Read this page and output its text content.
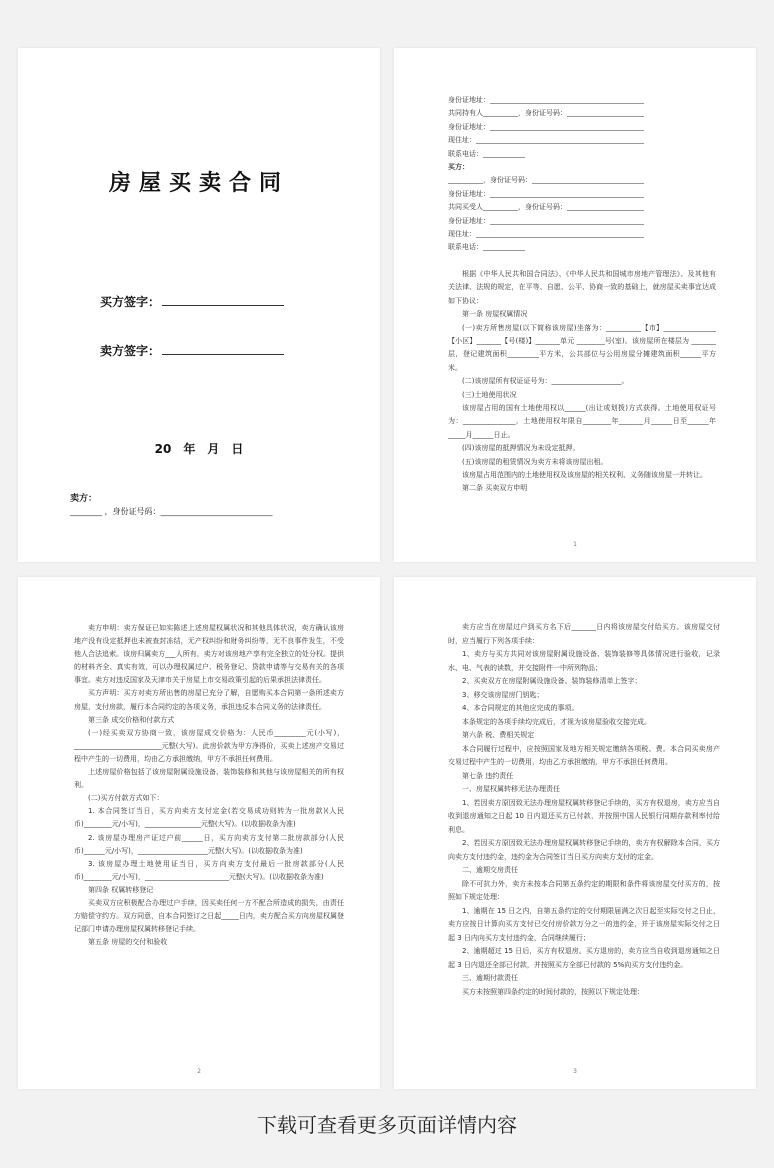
房屋买卖合同
买方签字：
卖方签字：
20　年　月　日
卖方：
________ ，身份证号码：____________________________

身份证地址：____________________________________________

共同持有人__________，身份证号码：______________________

身份证地址：____________________________________________

现住址：________________________________________________

联系电话：____________

买方：

__________，身份证号码：________________________________

身份证地址：____________________________________________

共同买受人__________，身份证号码：______________________

身份证地址：____________________________________________

现住址：________________________________________________

联系电话：____________

根据《中华人民共和国合同法》、《中华人民共和国城市房地产管理法》、及其他有关法律、法规的规定，在平等、自愿、公平、协商一致的基础上，就房屋买卖事宜达成如下协议：

第一条 房屋权属情况

(一)卖方所售房屋(以下简称该房屋)坐落为：__________【市】_______________【小区】_______【号(楼)】_______单元 ________号(室)。该房屋所在楼层为 _______层，登记建筑面积_________平方米，公共部位与公用房屋分摊建筑面积______平方米。

(二)该房屋所有权证证号为：____________________。

(三)土地使用状况

该房屋占用的国有土地使用权以______(出让或划拨)方式获得。土地使用权证号为：_______________，土地使用权年限自________年_______月______日至______年_____月______日止。

(四)该房屋的抵押情况为未设定抵押。

(五)该房屋的租赁情况为卖方未将该房屋出租。

该房屋占用范围内的土地使用权及该房屋的相关权利、义务随该房屋一并转让。

第二条 买卖双方申明

1

卖方申明：卖方保证已如实陈述上述房屋权属状况和其他具体状况，卖方确认该房地产没有设定抵押也未被查封冻结，无产权纠纷和财务纠纷等，无不良事件发生，不受他人合法追索。该房归属卖方___人所有，卖方对该房地产享有完全独立的处分权。提供的材料齐全、真实有效，可以办理权属过户、税务登记、贷款申请等与交易有关的各项事宜。卖方对违反国家及天津市关于房屋上市交易政策引起的后果承担法律责任。

买方声明：买方对卖方所出售的房屋已充分了解，自愿购买本合同第一条所述卖方房屋，支付房款，履行本合同约定的各项义务，承担违反本合同义务的法律责任。

第三条 成交价格和付款方式

(一)经买卖双方协商一致，该房屋成交价格为：人民币_________元(小写)，_________________________元整(大写)。此房价款为甲方净得价，买卖上述房产交易过程中产生的一切费用，均由乙方承担缴纳，甲方不承担任何费用。

上述房屋价格包括了该房屋附属设施设备、装饰装修和其他与该房屋相关的所有权利。

(二)买方付款方式如下：

1. 本合同签订当日，买方向卖方支付定金(若交易成功则转为一批房款)(人民币)________元/小写)，________________元整(大写)。(以收据收条为准)

2. 该房屋办理房产证过户前______日，买方向卖方支付第二批房款部分(人民币)______元/小写)，____________________元整(大写)。(以收据收条为准)

3. 该房屋办理土地使用证当日，买方向卖方支付最后一批房款部分(人民币)________元/小写)，________________________元整(大写)。(以收据收条为准)

第四条 权属转移登记

买卖双方应积极配合办理过户手续，因买卖任何一方不配合所造成的损失，由责任方赔偿守约方。双方同意，自本合同签订之日起_____日内，卖方配合买方向房屋权属登记部门申请办理房屋权属转移登记手续。

第五条 房屋的交付和验收

2

卖方应当在房屋过户到买方名下后_______日内将该房屋交付给买方。该房屋交付时，应当履行下列各项手续：

1、卖方与买方共同对该房屋附属设施设备、装饰装修等具体情况进行验收，记录水、电、气表的读数，并交接附件一中所列物品；

2、买卖双方在房屋附属设施设备、装饰装修清单上签字；

3、移交该房屋房门钥匙；

4、本合同规定的其他应完成的事项。

本条规定的各项手续均完成后，才视为该房屋验收交接完成。

第六条 税、费相关规定

本合同履行过程中，应按照国家及地方相关规定缴纳各项税、费。本合同买卖房产交易过程中产生的一切费用，均由乙方承担缴纳，甲方不承担任何费用。

第七条 违约责任

一、房屋权属转移无法办理责任

1、若因卖方原因致无法办理房屋权属转移登记手续的，买方有权退房，卖方应当自收到退房通知之日起 10 日内退还买方已付款，并按照中国人民银行同期存款利率付给利息。

2、若因买方原因致无法办理房屋权属转移登记手续的，卖方有权解除本合同，买方向卖方支付违约金，违约金为合同签订当日买方向卖方支付的定金。

二、逾期交房责任

除不可抗力外，卖方未按本合同第五条约定的期限和条件将该房屋交付买方的，按照如下规定处理：

1、逾期在 15 日之内，自第五条约定的交付期限届满之次日起至实际交付之日止，卖方应按日计算向买方支付已交付房价款万分之一的违约金，并于该房屋实际交付之日起 3 日内向买方支付违约金，合同继续履行；

2、逾期超过 15 日后，买方有权退房。买方退房的，卖方应当自收到退房通知之日起 3 日内退还全部已付款，并按照买方全部已付款的 5%向买方支付违约金。

三、逾期付款责任

买方未按照第四条约定的时间付款的，按照以下规定处理：

3
下载可查看更多页面详情内容
